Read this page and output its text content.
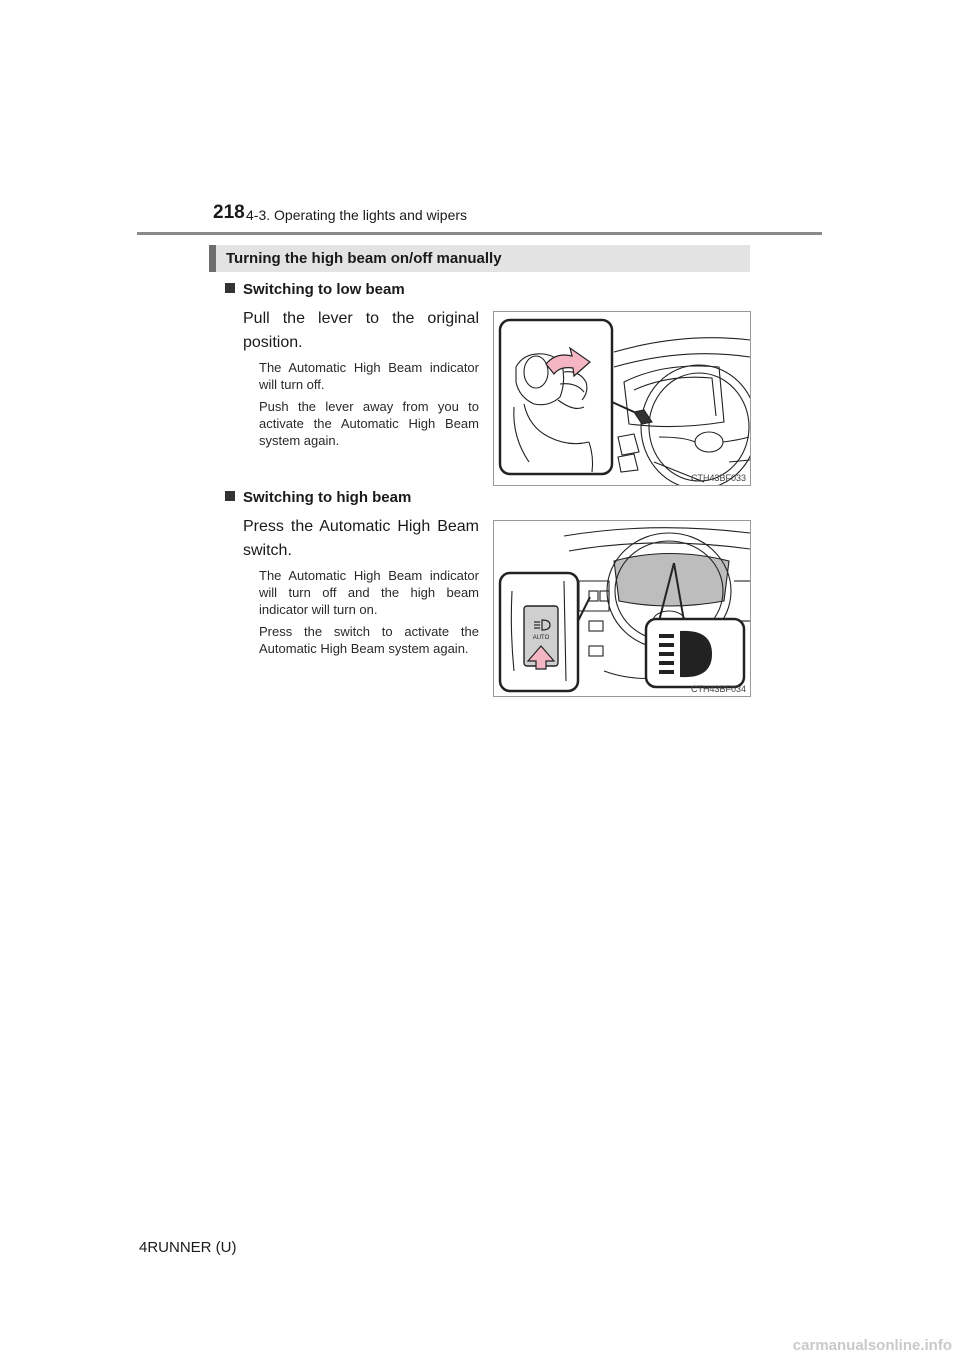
218 4-3. Operating the lights and wipers
Turning the high beam on/off manually
Switching to low beam
Pull the lever to the original position.
The Automatic High Beam indicator will turn off.
Push the lever away from you to activate the Automatic High Beam system again.
CTH43BF033
Switching to high beam
Press the Automatic High Beam switch.
The Automatic High Beam indicator will turn off and the high beam indicator will turn on.
Press the switch to activate the Automatic High Beam system again.
AUTO
CTH43BF034
4RUNNER (U)
carmanualsonline.info
